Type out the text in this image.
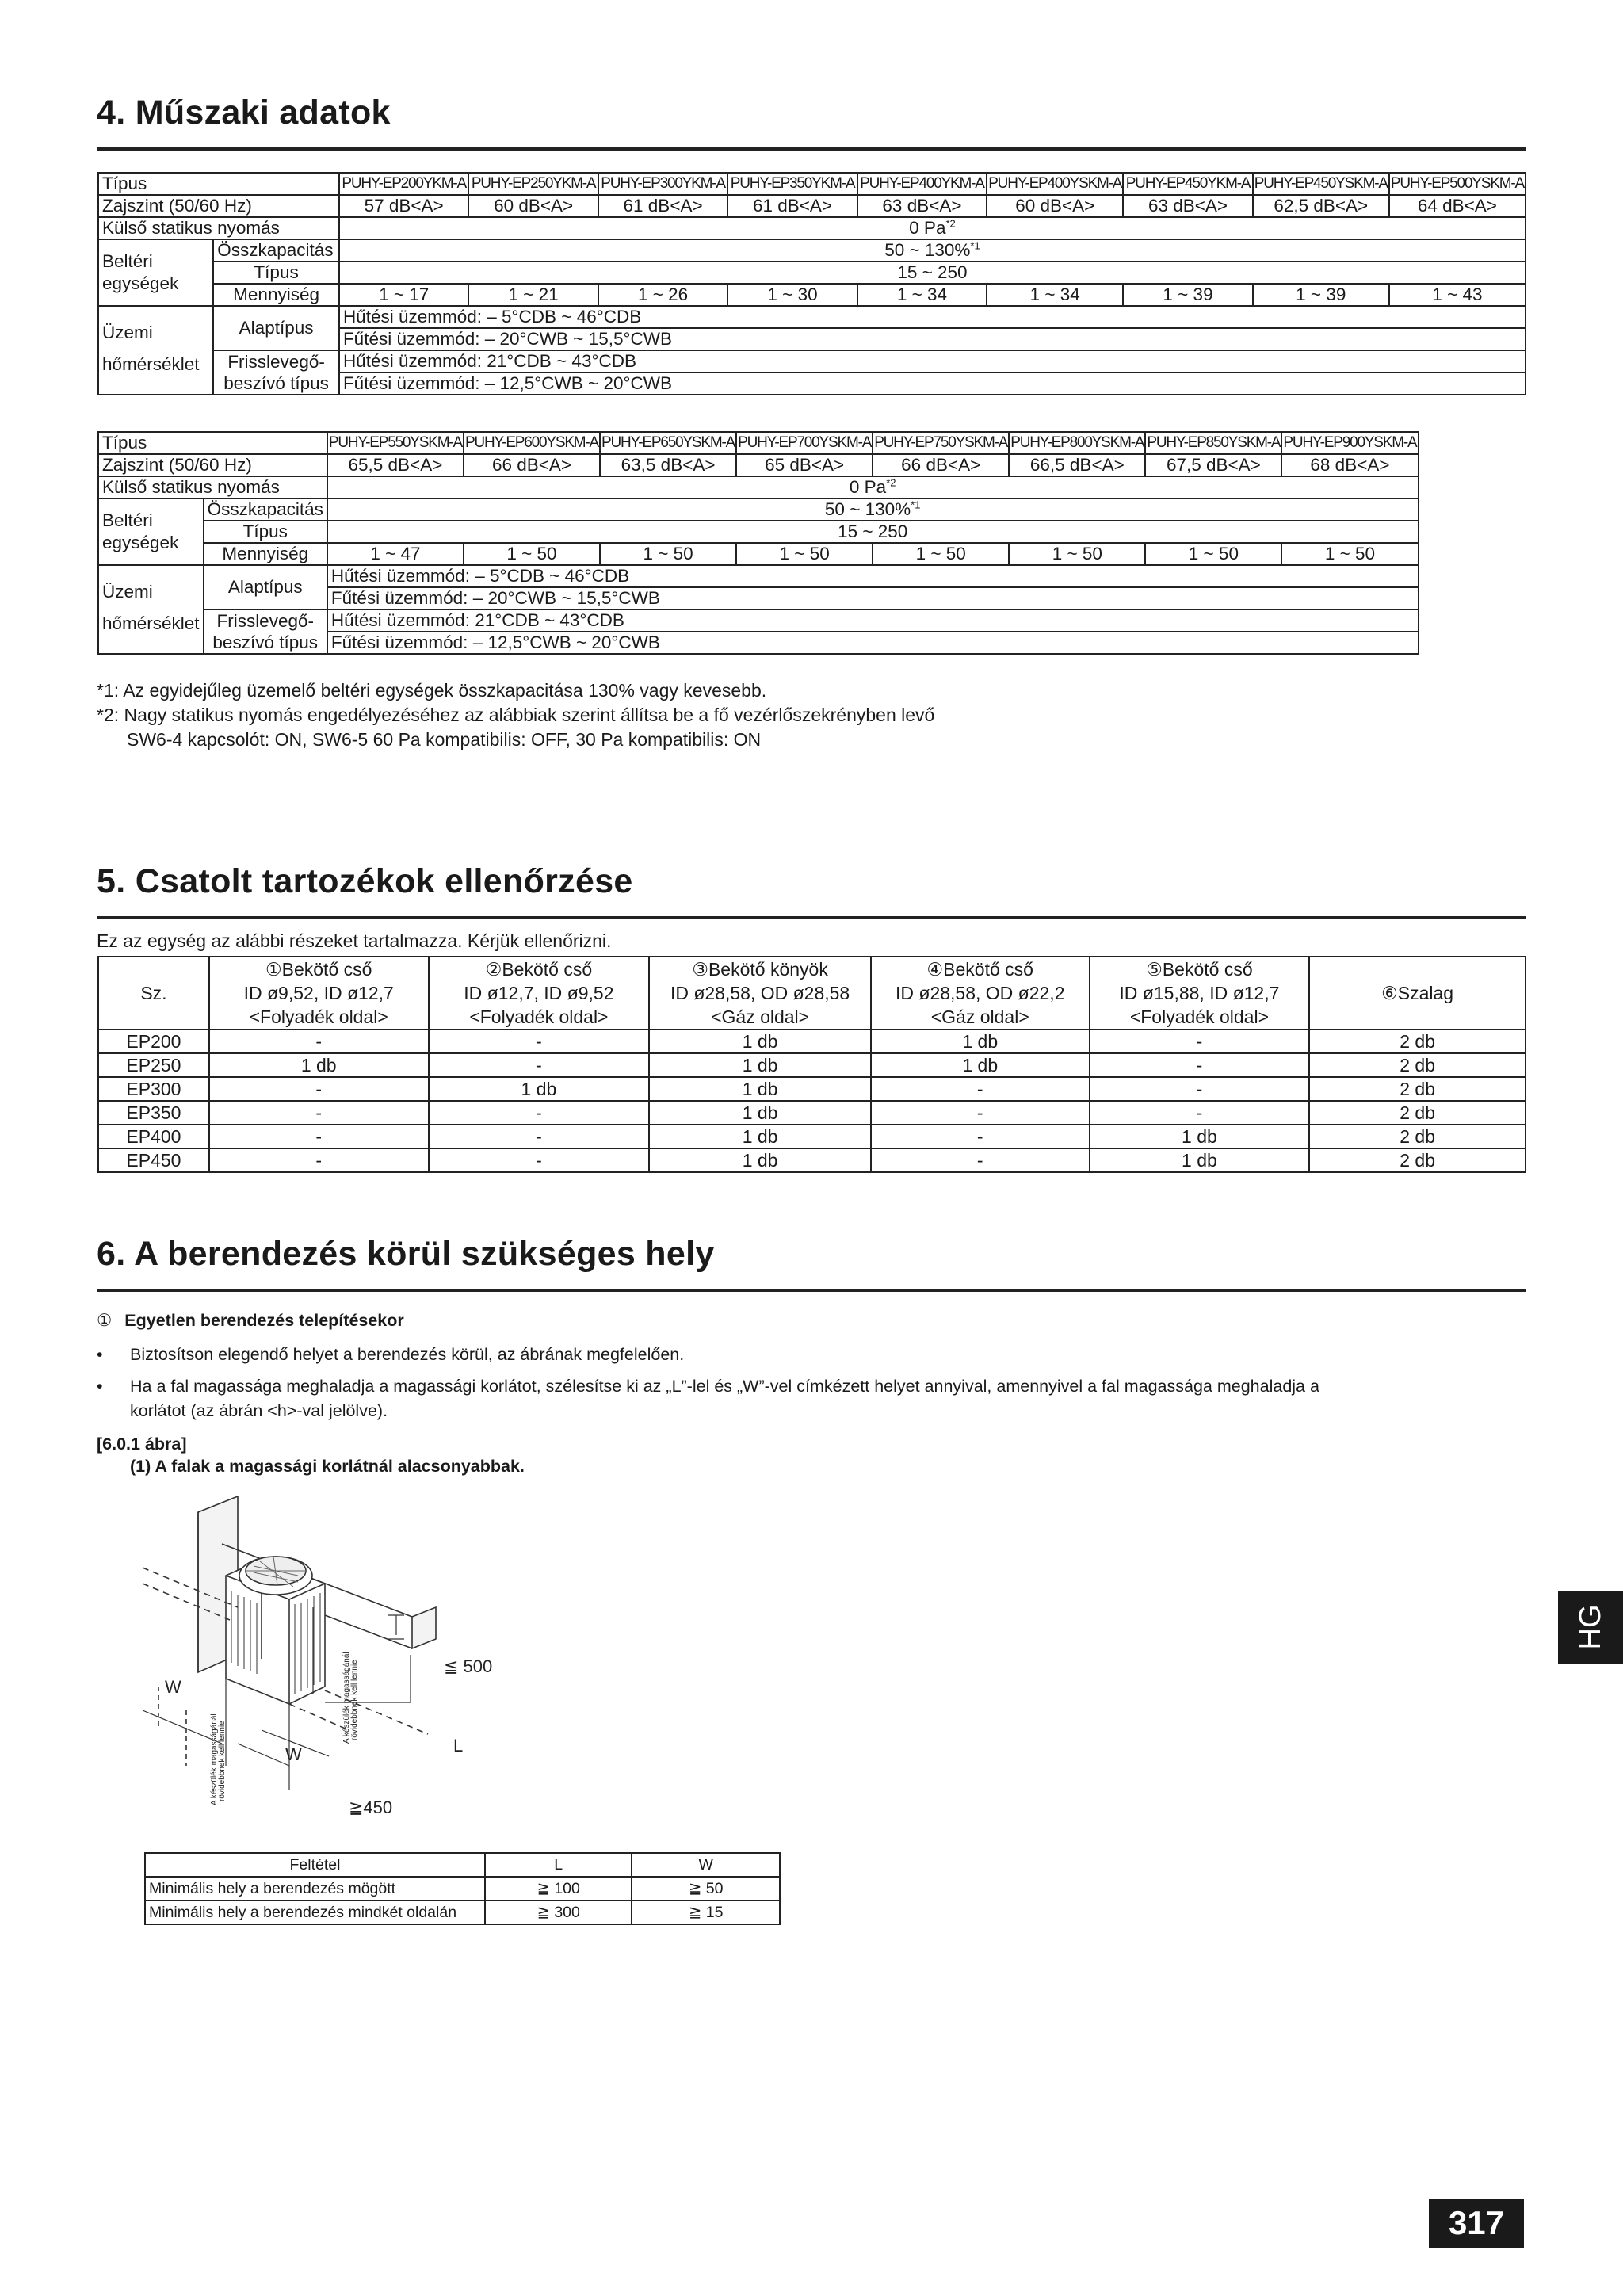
4. Műszaki adatok
Típus		PUHY-EP200YKM-A	PUHY-EP250YKM-A	PUHY-EP300YKM-A	PUHY-EP350YKM-A	PUHY-EP400YKM-A	PUHY-EP400YSKM-A	PUHY-EP450YKM-A	PUHY-EP450YSKM-A	PUHY-EP500YSKM-A
Zajszint (50/60 Hz)		57 dB<A>	60 dB<A>	61 dB<A>	61 dB<A>	63 dB<A>	60 dB<A>	63 dB<A>	62,5 dB<A>	64 dB<A>
Külső statikus nyomás		0 Pa$^{*2}$

Beltéri
egységek	Összkapacitás	50 ~ 130%$^{*1}$
	Típus	15 ~ 250								
	Mennyiség	1 ~ 17	1 ~ 21	1 ~ 26	1 ~ 30	1 ~ 34	1 ~ 34	1 ~ 39	1 ~ 39	1 ~ 43

Üzemi
hőmérséklet	Alaptípus	Hűtési üzemmód: – 5°CDB ~ 46°CDB								
		Fűtési üzemmód: – 20°CWB ~ 15,5°CWB								
	Frisslevegő-	Hűtési üzemmód: 21°CDB ~ 43°CDB								
	beszívó típus	Fűtési üzemmód: – 12,5°CWB ~ 20°CWB								
Típus		PUHY-EP550YSKM-A	PUHY-EP600YSKM-A	PUHY-EP650YSKM-A	PUHY-EP700YSKM-A	PUHY-EP750YSKM-A	PUHY-EP800YSKM-A	PUHY-EP850YSKM-A	PUHY-EP900YSKM-A
Zajszint (50/60 Hz)		65,5 dB<A>	66 dB<A>	63,5 dB<A>	65 dB<A>	66 dB<A>	66,5 dB<A>	67,5 dB<A>	68 dB<A>
Külső statikus nyomás		0 Pa$^{*2}$

Beltéri
egységek	Összkapacitás	50 ~ 130%$^{*1}$
	Típus	15 ~ 250							
	Mennyiség	1 ~ 47	1 ~ 50	1 ~ 50	1 ~ 50	1 ~ 50	1 ~ 50	1 ~ 50	1 ~ 50

Üzemi
hőmérséklet	Alaptípus	Hűtési üzemmód: – 5°CDB ~ 46°CDB							
		Fűtési üzemmód: – 20°CWB ~ 15,5°CWB							
	Frisslevegő-	Hűtési üzemmód: 21°CDB ~ 43°CDB							
	beszívó típus	Fűtési üzemmód: – 12,5°CWB ~ 20°CWB							
*1: Az egyidejűleg üzemelő beltéri egységek összkapacitása 130% vagy kevesebb.
*2: Nagy statikus nyomás engedélyezéséhez az alábbiak szerint állítsa be a fő vezérlőszekrényben levő
SW6-4 kapcsolót: ON, SW6-5 60 Pa kompatibilis: OFF, 30 Pa kompatibilis: ON
5. Csatolt tartozékok ellenőrzése
Ez az egység az alábbi részeket tartalmazza. Kérjük ellenőrizni.
Sz.	①Bekötő cső	②Bekötő cső	③Bekötő könyök	④Bekötő cső	⑤Bekötő cső	⑥Szalag
	ID ø9,52, ID ø12,7	ID ø12,7, ID ø9,52	ID ø28,58, OD ø28,58	ID ø28,58, OD ø22,2	ID ø15,88, ID ø12,7	
	<Folyadék oldal>	<Folyadék oldal>	<Gáz oldal>	<Gáz oldal>	<Folyadék oldal>	
EP200	-	-	1 db	1 db	-	2 db
EP250	1 db	-	1 db	1 db	-	2 db
EP300	-	1 db	1 db	-	-	2 db
EP350	-	-	1 db	-	-	2 db
EP400	-	-	1 db	-	1 db	2 db
EP450	-	-	1 db	-	1 db	2 db
6. A berendezés körül szükséges hely
① Egyetlen berendezés telepítésekor
• Biztosítson elegendő helyet a berendezés körül, az ábrának megfelelően.
• Ha a fal magassága meghaladja a magassági korlátot, szélesítse ki az „L”-lel és „W”-vel címkézett helyet annyival, amennyivel a fal magassága meghaladja a
korlátot (az ábrán <h>-val jelölve).
[6.0.1 ábra]
(1) A falak a magassági korlátnál alacsonyabbak.
W
W	L
≦ 500
≧450
A készülék magasságánál rövidebbnek kell lennie
A készülék magasságánál rövidebbnek kell lennie
Feltétel	L	W
Minimális hely a berendezés mögött	≧ 100	≧ 50
Minimális hely a berendezés mindkét oldalán	≧ 300	≧ 15
HG
317
